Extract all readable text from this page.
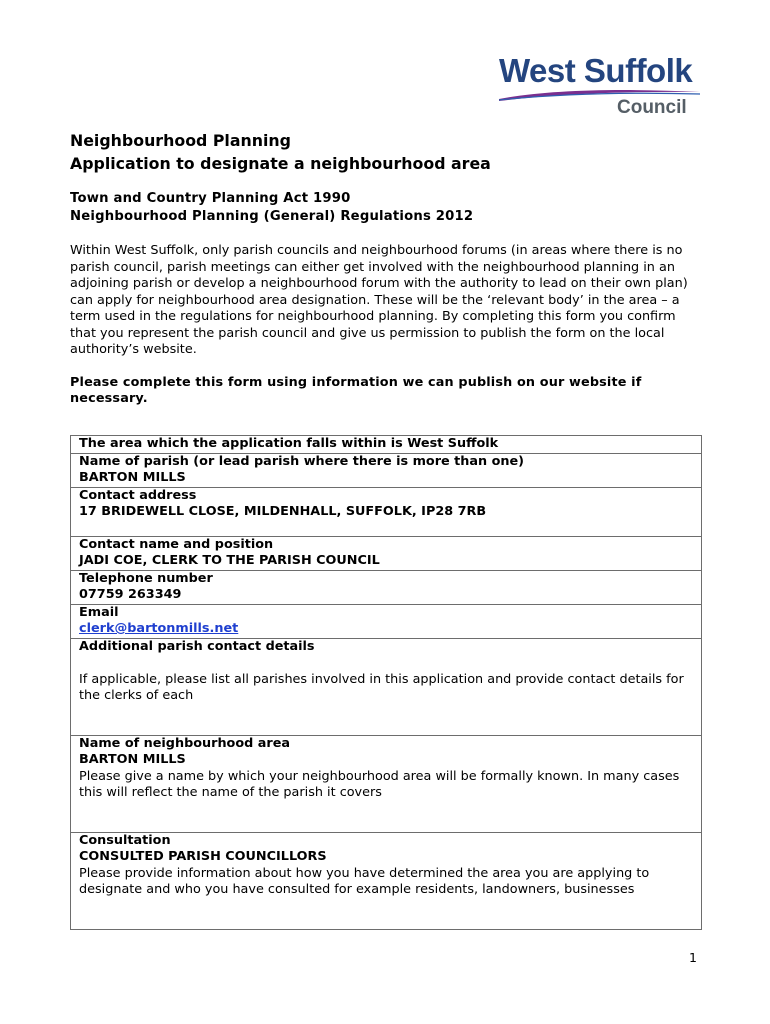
West Suffolk
Council

Neighbourhood Planning

Application to designate a neighbourhood area

Town and Country Planning Act 1990

Neighbourhood Planning (General) Regulations 2012

Within West Suffolk, only parish councils and neighbourhood forums (in areas where there is no parish council, parish meetings can either get involved with the neighbourhood planning in an adjoining parish or develop a neighbourhood forum with the authority to lead on their own plan) can apply for neighbourhood area designation. These will be the ‘relevant body’ in the area – a term used in the regulations for neighbourhood planning. By completing this form you confirm that you represent the parish council and give us permission to publish the form on the local authority’s website.

Please complete this form using information we can publish on our website if necessary.

The area which the application falls within is West Suffolk

Name of parish (or lead parish where there is more than one)
BARTON MILLS

Contact address
17 BRIDEWELL CLOSE, MILDENHALL, SUFFOLK, IP28 7RB

Contact name and position
JADI COE, CLERK TO THE PARISH COUNCIL

Telephone number
07759 263349

Email
clerk@bartonmills.net

Additional parish contact details
If applicable, please list all parishes involved in this application and provide contact details for the clerks of each

Name of neighbourhood area
BARTON MILLS
Please give a name by which your neighbourhood area will be formally known. In many cases this will reflect the name of the parish it covers

Consultation
CONSULTED PARISH COUNCILLORS
Please provide information about how you have determined the area you are applying to designate and who you have consulted for example residents, landowners, businesses
1
